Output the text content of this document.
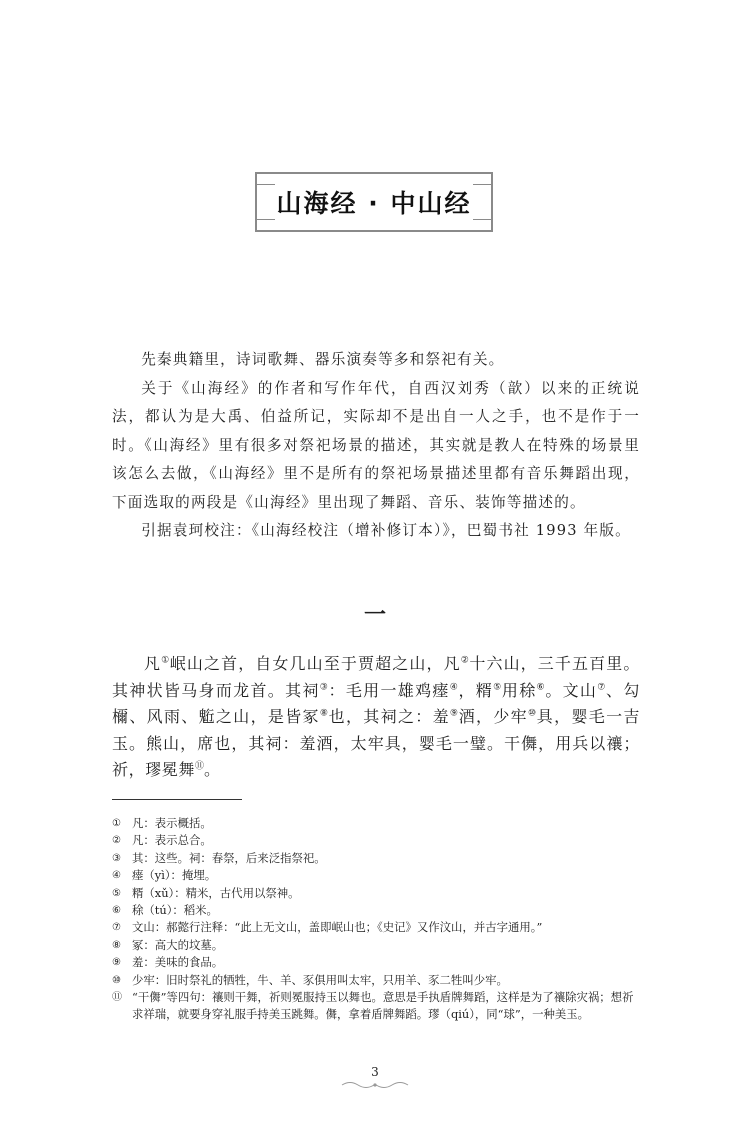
山海经 · 中山经

先秦典籍里，诗词歌舞、器乐演奏等多和祭祀有关。

关于《山海经》的作者和写作年代，自西汉刘秀（歆）以来的正统说法，都认为是大禹、伯益所记，实际却不是出自一人之手，也不是作于一时。《山海经》里有很多对祭祀场景的描述，其实就是教人在特殊的场景里该怎么去做，《山海经》里不是所有的祭祀场景描述里都有音乐舞蹈出现，下面选取的两段是《山海经》里出现了舞蹈、音乐、装饰等描述的。

引据袁珂校注：《山海经校注（增补修订本）》，巴蜀书社 1993 年版。

一

凡①岷山之首，自女几山至于贾超之山，凡②十六山，三千五百里。其神状皆马身而龙首。其祠③：毛用一雄鸡瘗④，糈⑤用稌⑥。文山⑦、勾檷、风雨、䰢之山，是皆冢⑧也，其祠之：羞⑨酒，少牢⑩具，婴毛一吉玉。熊山，席也，其祠：羞酒，太牢具，婴毛一璧。干儛，用兵以禳；祈，璆冕舞⑪。

① 凡：表示概括。
② 凡：表示总合。
③ 其：这些。祠：春祭，后来泛指祭祀。
④ 瘗（yì）：掩埋。
⑤ 糈（xǔ）：精米，古代用以祭神。
⑥ 稌（tú）：稻米。
⑦ 文山：郝懿行注释：“此上无文山，盖即岷山也；《史记》又作汶山，并古字通用。”
⑧ 冢：高大的坟墓。
⑨ 羞：美味的食品。
⑩ 少牢：旧时祭礼的牺牲，牛、羊、豕俱用叫太牢，只用羊、豕二牲叫少牢。
⑪ “干儛”等四句：禳则干舞，祈则冕服持玉以舞也。意思是手执盾牌舞蹈，这样是为了禳除灾祸；想祈求祥瑞，就要身穿礼服手持美玉跳舞。儛，拿着盾牌舞蹈。璆（qiú），同“球”，一种美玉。
3
